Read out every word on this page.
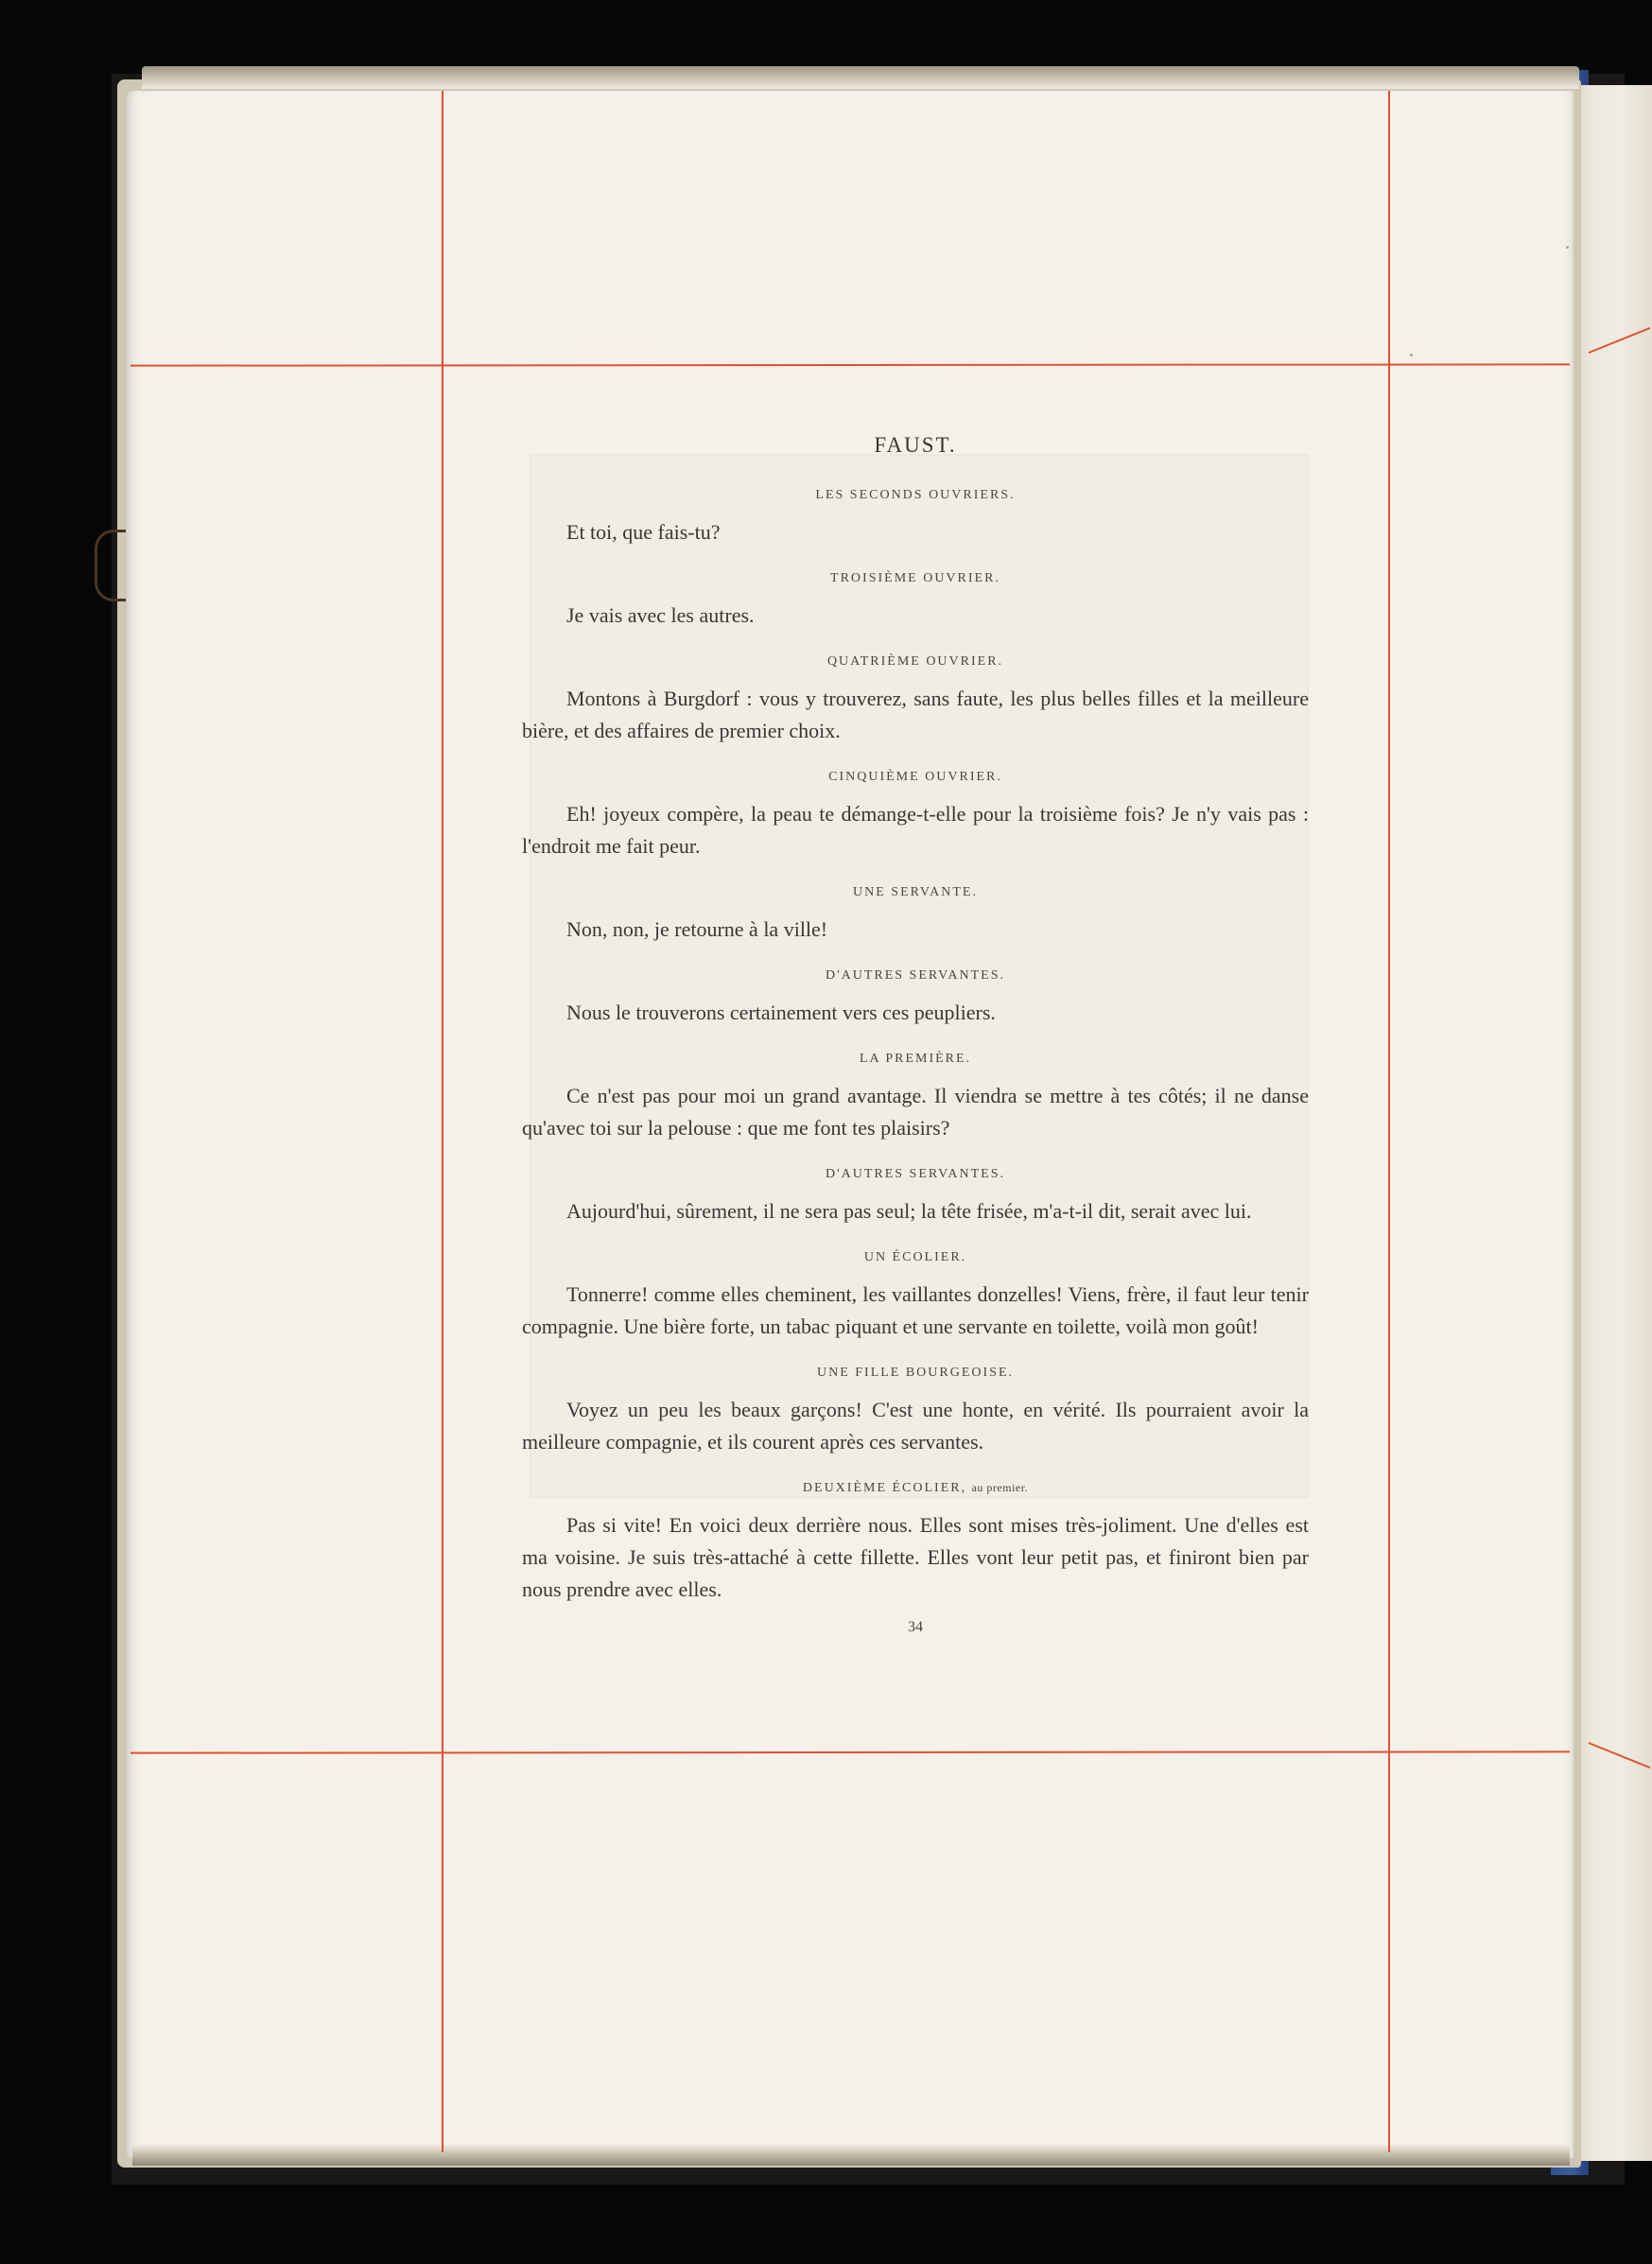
FAUST.
LES SECONDS OUVRIERS.

Et toi, que fais-tu?

TROISIÈME OUVRIER.

Je vais avec les autres.

QUATRIÈME OUVRIER.

Montons à Burgdorf : vous y trouverez, sans faute, les plus belles filles et la meilleure bière, et des affaires de premier choix.

CINQUIÈME OUVRIER.

Eh! joyeux compère, la peau te démange-t-elle pour la troisième fois? Je n'y vais pas : l'endroit me fait peur.

UNE SERVANTE.

Non, non, je retourne à la ville!

D'AUTRES SERVANTES.

Nous le trouverons certainement vers ces peupliers.

LA PREMIÈRE.

Ce n'est pas pour moi un grand avantage. Il viendra se mettre à tes côtés; il ne danse qu'avec toi sur la pelouse : que me font tes plaisirs?

D'AUTRES SERVANTES.

Aujourd'hui, sûrement, il ne sera pas seul; la tête frisée, m'a-t-il dit, serait avec lui.

UN ÉCOLIER.

Tonnerre! comme elles cheminent, les vaillantes donzelles! Viens, frère, il faut leur tenir compagnie. Une bière forte, un tabac piquant et une servante en toilette, voilà mon goût!

UNE FILLE BOURGEOISE.

Voyez un peu les beaux garçons! C'est une honte, en vérité. Ils pourraient avoir la meilleure compagnie, et ils courent après ces servantes.

DEUXIÈME ÉCOLIER, au premier.

Pas si vite! En voici deux derrière nous. Elles sont mises très-joliment. Une d'elles est ma voisine. Je suis très-attaché à cette fillette. Elles vont leur petit pas, et finiront bien par nous prendre avec elles.

34
